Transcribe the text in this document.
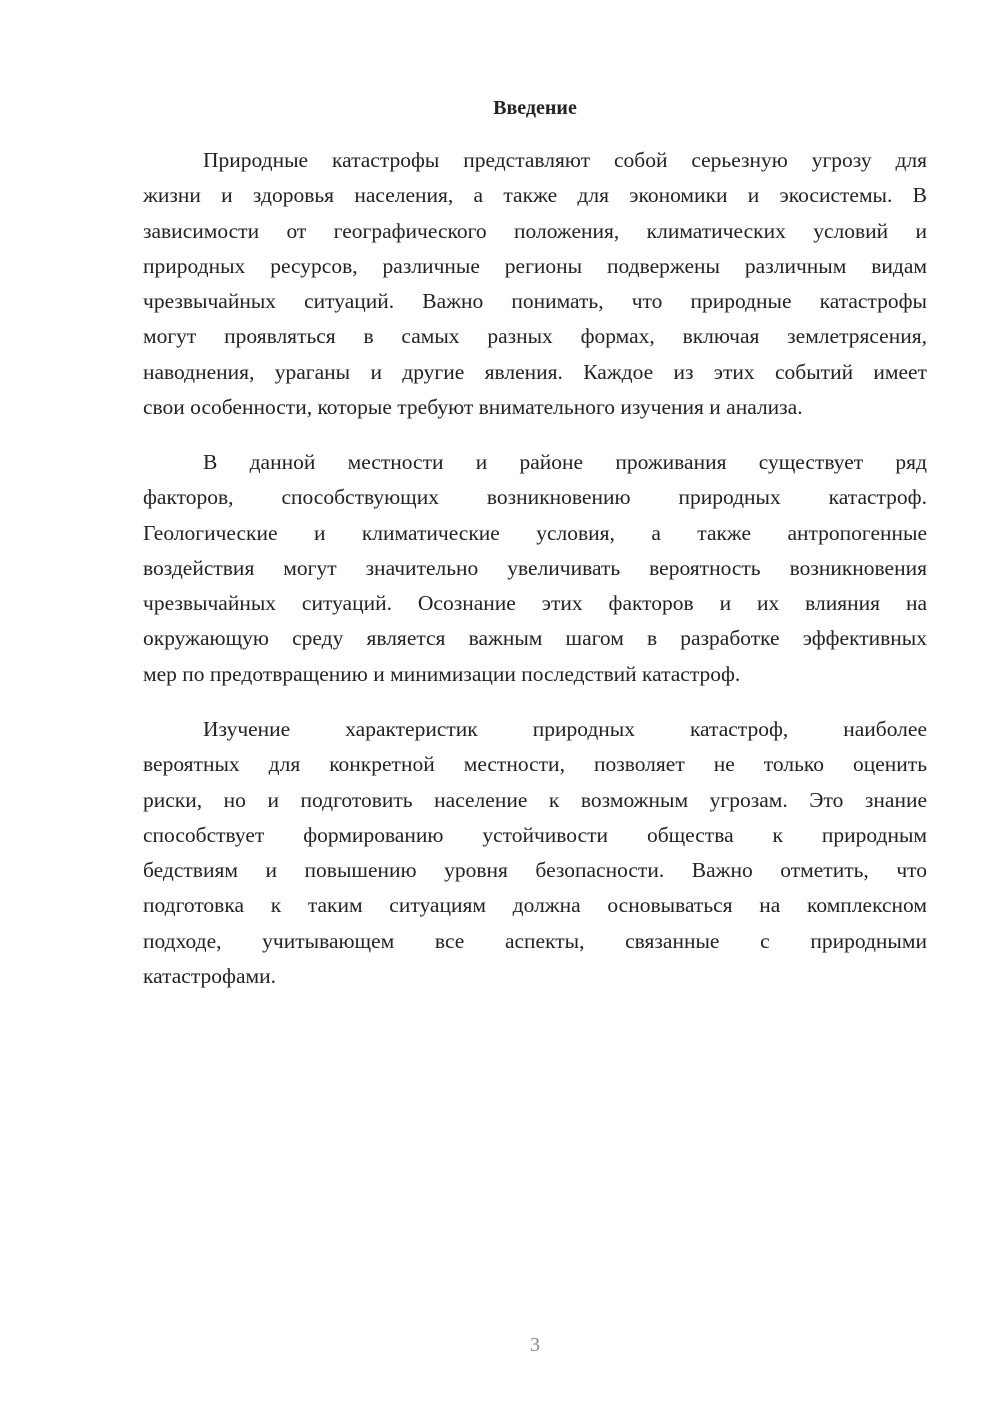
Введение
Природные катастрофы представляют собой серьезную угрозу для
жизни и здоровья населения, а также для экономики и экосистемы. В
зависимости от географического положения, климатических условий и
природных ресурсов, различные регионы подвержены различным видам
чрезвычайных ситуаций. Важно понимать, что природные катастрофы
могут проявляться в самых разных формах, включая землетрясения,
наводнения, ураганы и другие явления. Каждое из этих событий имеет
свои особенности, которые требуют внимательного изучения и анализа.
В данной местности и районе проживания существует ряд
факторов, способствующих возникновению природных катастроф.
Геологические и климатические условия, а также антропогенные
воздействия могут значительно увеличивать вероятность возникновения
чрезвычайных ситуаций. Осознание этих факторов и их влияния на
окружающую среду является важным шагом в разработке эффективных
мер по предотвращению и минимизации последствий катастроф.
Изучение характеристик природных катастроф, наиболее
вероятных для конкретной местности, позволяет не только оценить
риски, но и подготовить население к возможным угрозам. Это знание
способствует формированию устойчивости общества к природным
бедствиям и повышению уровня безопасности. Важно отметить, что
подготовка к таким ситуациям должна основываться на комплексном
подходе, учитывающем все аспекты, связанные с природными
катастрофами.
3
